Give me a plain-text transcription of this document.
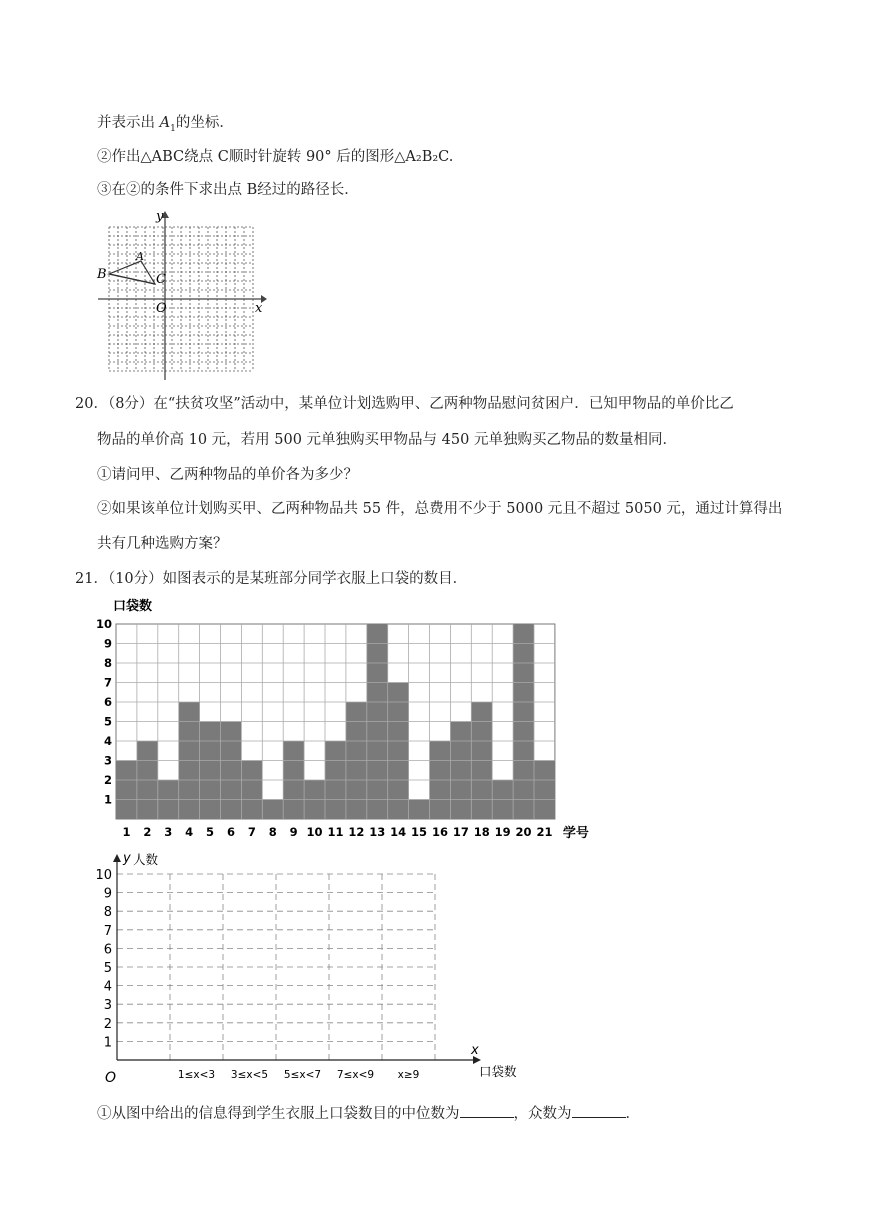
并表示出 $A_1$的坐标．
②作出△ABC绕点 C顺时针旋转 90° 后的图形△A₂B₂C.
③在②的条件下求出点 B经过的路径长．
B
A
C
O	x
y
20．（8分）在“扶贫攻坚”活动中，某单位计划选购甲、乙两种物品慰问贫困户．已知甲物品的单价比乙
物品的单价高 10 元，若用 500 元单独购买甲物品与 450 元单独购买乙物品的数量相同．
①请问甲、乙两种物品的单价各为多少？
②如果该单位计划购买甲、乙两种物品共 55 件，总费用不少于 5000 元且不超过 5050 元，通过计算得出
共有几种选购方案？
21．（10分）如图表示的是某班部分同学衣服上口袋的数目．
口袋数
1
2
3
4
5
6
7
8
9
10
1 2 3 4 5 6 7 8 9 10 11 12 13 14 15 16 17 18 19 20 21 学号
y 人数
1
2
3
4
5
6
7
8
9
10
O	1≤x<3 3≤x<5 5≤x<7 7≤x<9 x≥9
x
口袋数
①从图中给出的信息得到学生衣服上口袋数目的中位数为	，众数为	．
